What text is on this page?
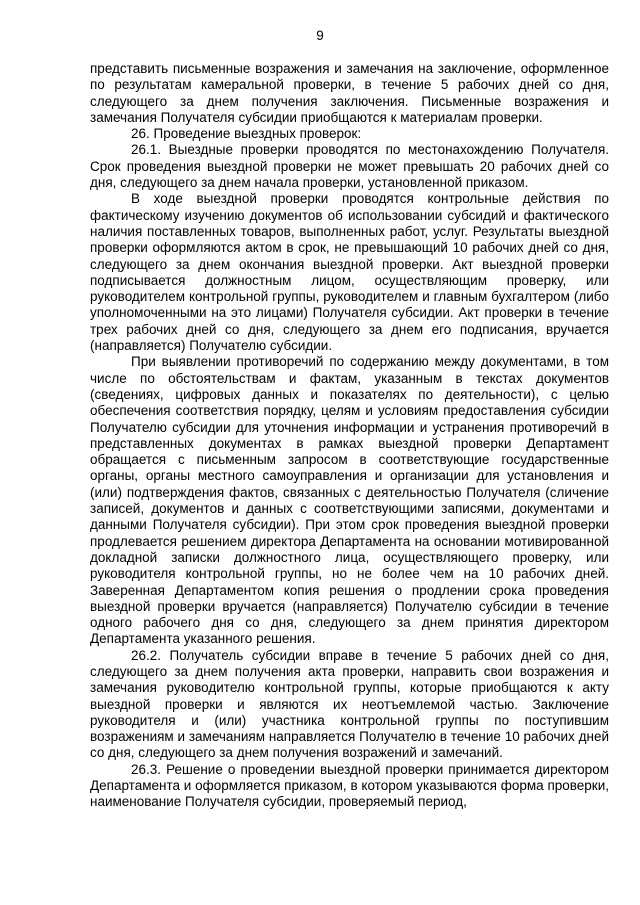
9

представить письменные возражения и замечания на заключение, оформленное по результатам камеральной проверки, в течение 5 рабочих дней со дня, следующего за днем получения заключения. Письменные возражения и замечания Получателя субсидии приобщаются к материалам проверки.

26. Проведение выездных проверок:

26.1. Выездные проверки проводятся по местонахождению Получателя. Срок проведения выездной проверки не может превышать 20 рабочих дней со дня, следующего за днем начала проверки, установленной приказом.

В ходе выездной проверки проводятся контрольные действия по фактическому изучению документов об использовании субсидий и фактического наличия поставленных товаров, выполненных работ, услуг. Результаты выездной проверки оформляются актом в срок, не превышающий 10 рабочих дней со дня, следующего за днем окончания выездной проверки. Акт выездной проверки подписывается должностным лицом, осуществляющим проверку, или руководителем контрольной группы, руководителем и главным бухгалтером (либо уполномоченными на это лицами) Получателя субсидии. Акт проверки в течение трех рабочих дней со дня, следующего за днем его подписания, вручается (направляется) Получателю субсидии.

При выявлении противоречий по содержанию между документами, в том числе по обстоятельствам и фактам, указанным в текстах документов (сведениях, цифровых данных и показателях по деятельности), с целью обеспечения соответствия порядку, целям и условиям предоставления субсидии Получателю субсидии для уточнения информации и устранения противоречий в представленных документах в рамках выездной проверки Департамент обращается с письменным запросом в соответствующие государственные органы, органы местного самоуправления и организации для установления и (или) подтверждения фактов, связанных с деятельностью Получателя (сличение записей, документов и данных с соответствующими записями, документами и данными Получателя субсидии). При этом срок проведения выездной проверки продлевается решением директора Департамента на основании мотивированной докладной записки должностного лица, осуществляющего проверку, или руководителя контрольной группы, но не более чем на 10 рабочих дней. Заверенная Департаментом копия решения о продлении срока проведения выездной проверки вручается (направляется) Получателю субсидии в течение одного рабочего дня со дня, следующего за днем принятия директором Департамента указанного решения.

26.2. Получатель субсидии вправе в течение 5 рабочих дней со дня, следующего за днем получения акта проверки, направить свои возражения и замечания руководителю контрольной группы, которые приобщаются к акту выездной проверки и являются их неотъемлемой частью. Заключение руководителя и (или) участника контрольной группы по поступившим возражениям и замечаниям направляется Получателю в течение 10 рабочих дней со дня, следующего за днем получения возражений и замечаний.

26.3. Решение о проведении выездной проверки принимается директором Департамента и оформляется приказом, в котором указываются форма проверки, наименование Получателя субсидии, проверяемый период,
